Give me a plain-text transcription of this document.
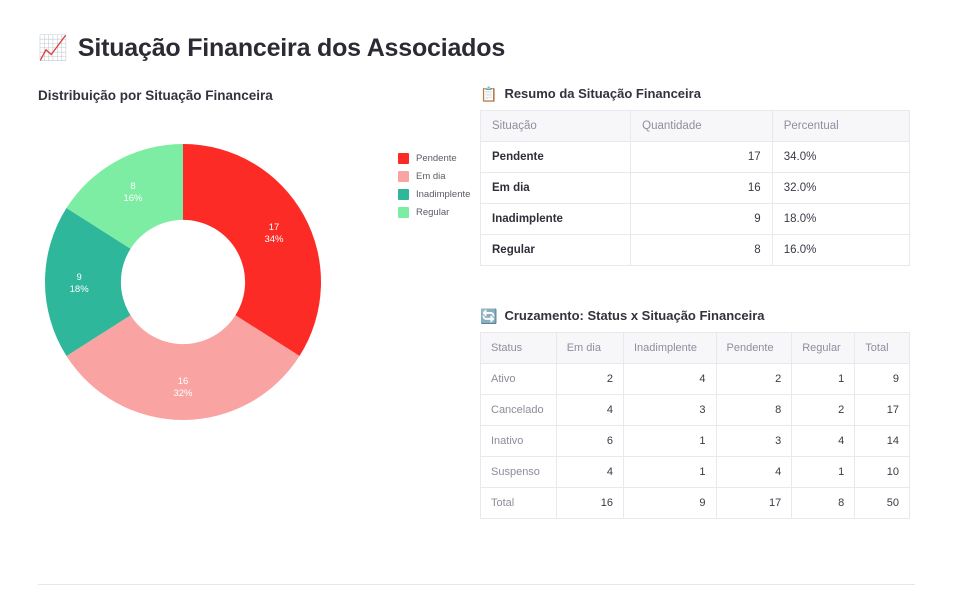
📈 Situação Financeira dos Associados
Distribuição por Situação Financeira
17 34%
16 32%
9 18%
8 16%
Pendente
Em dia
Inadimplente
Regular
📋 Resumo da Situação Financeira
Situação	Quantidade	Percentual
Pendente	17	34.0%
Em dia	16	32.0%
Inadimplente	9	18.0%
Regular	8	16.0%
🔄 Cruzamento: Status x Situação Financeira
Status	Em dia	Inadimplente	Pendente	Regular	Total
Ativo	2	4	2	1	9
Cancelado	4	3	8	2	17
Inativo	6	1	3	4	14
Suspenso	4	1	4	1	10
Total	16	9	17	8	50
